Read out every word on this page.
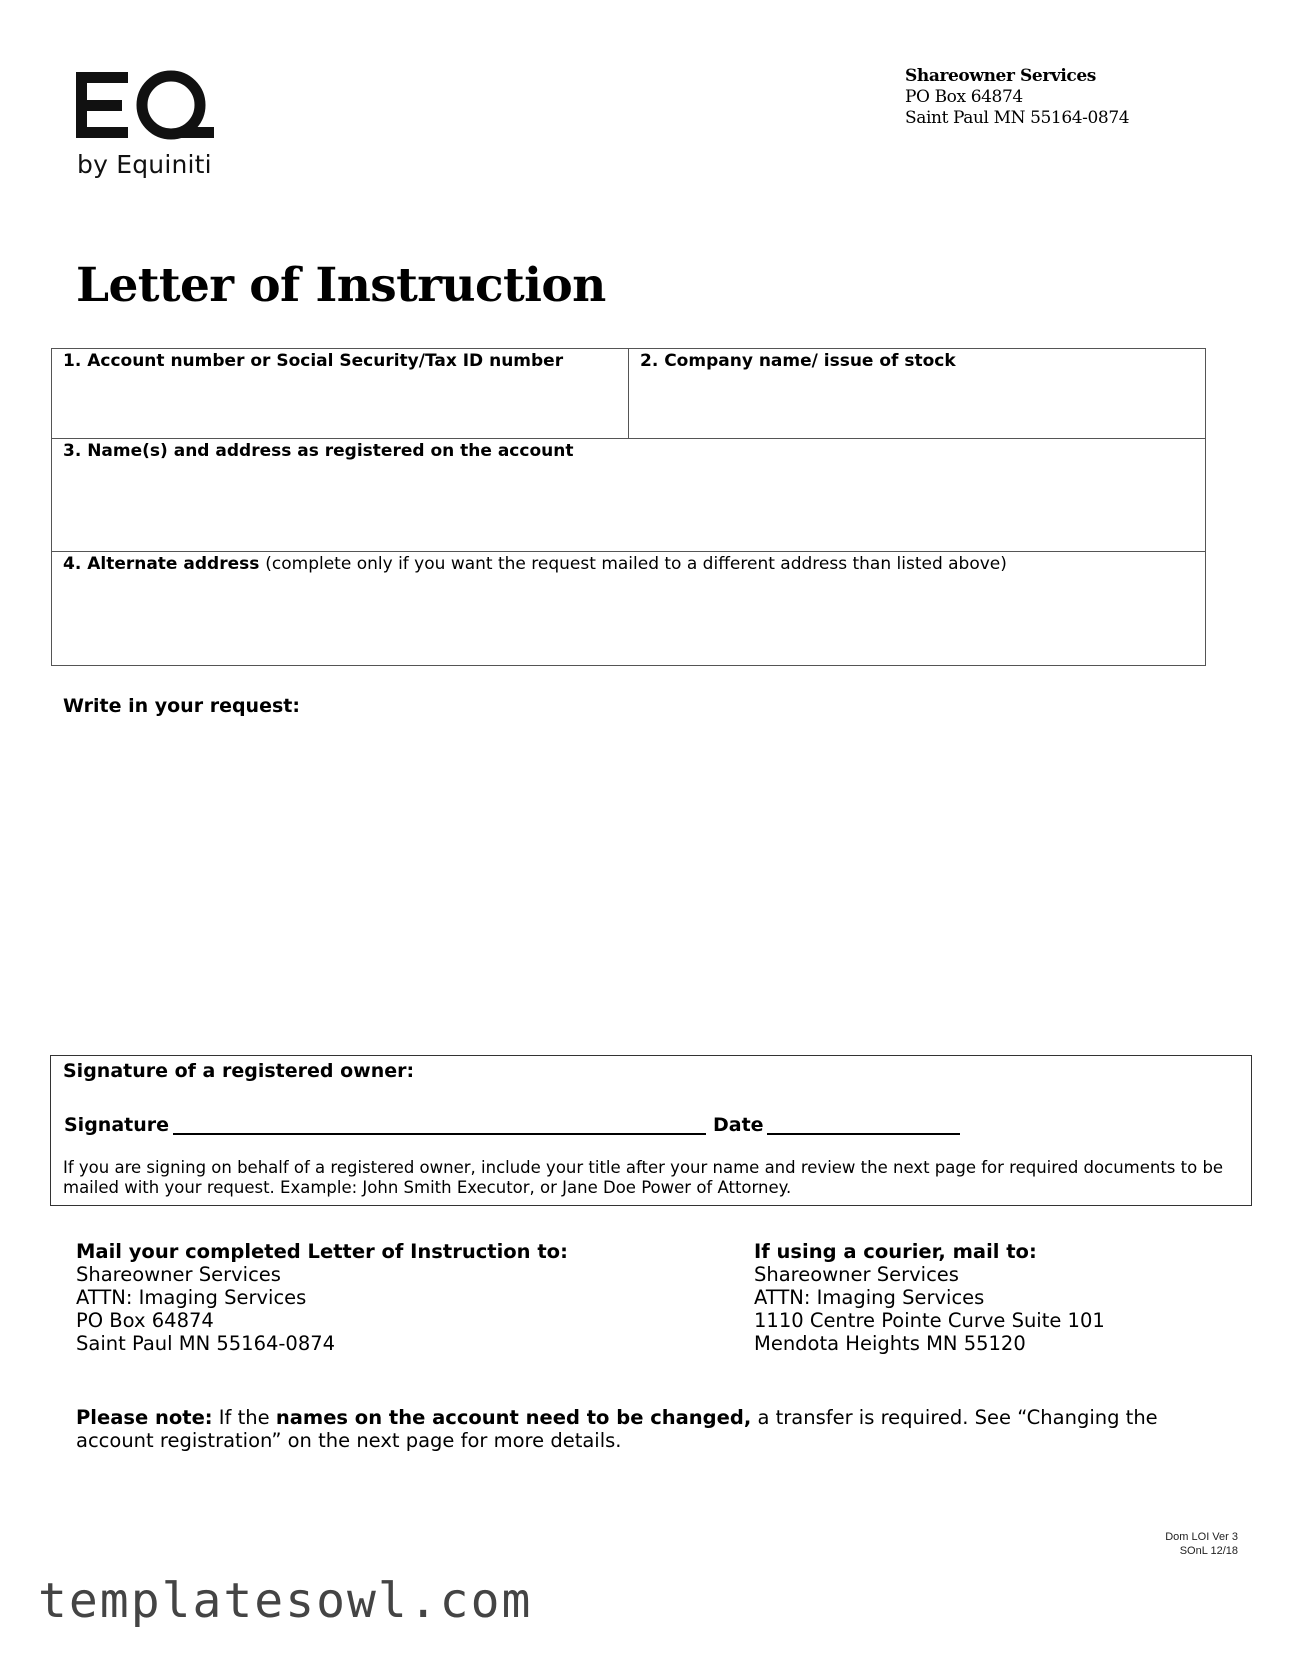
by Equiniti
Shareowner Services
PO Box 64874
Saint Paul MN 55164-0874
Letter of Instruction
1. Account number or Social Security/Tax ID number	2. Company name/ issue of stock
3. Name(s) and address as registered on the account
4. Alternate address (complete only if you want the request mailed to a different address than listed above)
Write in your request:
Signature of a registered owner:
Signature	Date
If you are signing on behalf of a registered owner, include your title after your name and review the next page for required documents to be mailed with your request. Example: John Smith Executor, or Jane Doe Power of Attorney.
Mail your completed Letter of Instruction to:
Shareowner Services
ATTN: Imaging Services
PO Box 64874
Saint Paul MN 55164-0874
If using a courier, mail to:
Shareowner Services
ATTN: Imaging Services
1110 Centre Pointe Curve Suite 101
Mendota Heights MN 55120
Please note: If the names on the account need to be changed, a transfer is required. See “Changing the account registration” on the next page for more details.
Dom LOI Ver 3
SOnL 12/18
templatesowl.com
